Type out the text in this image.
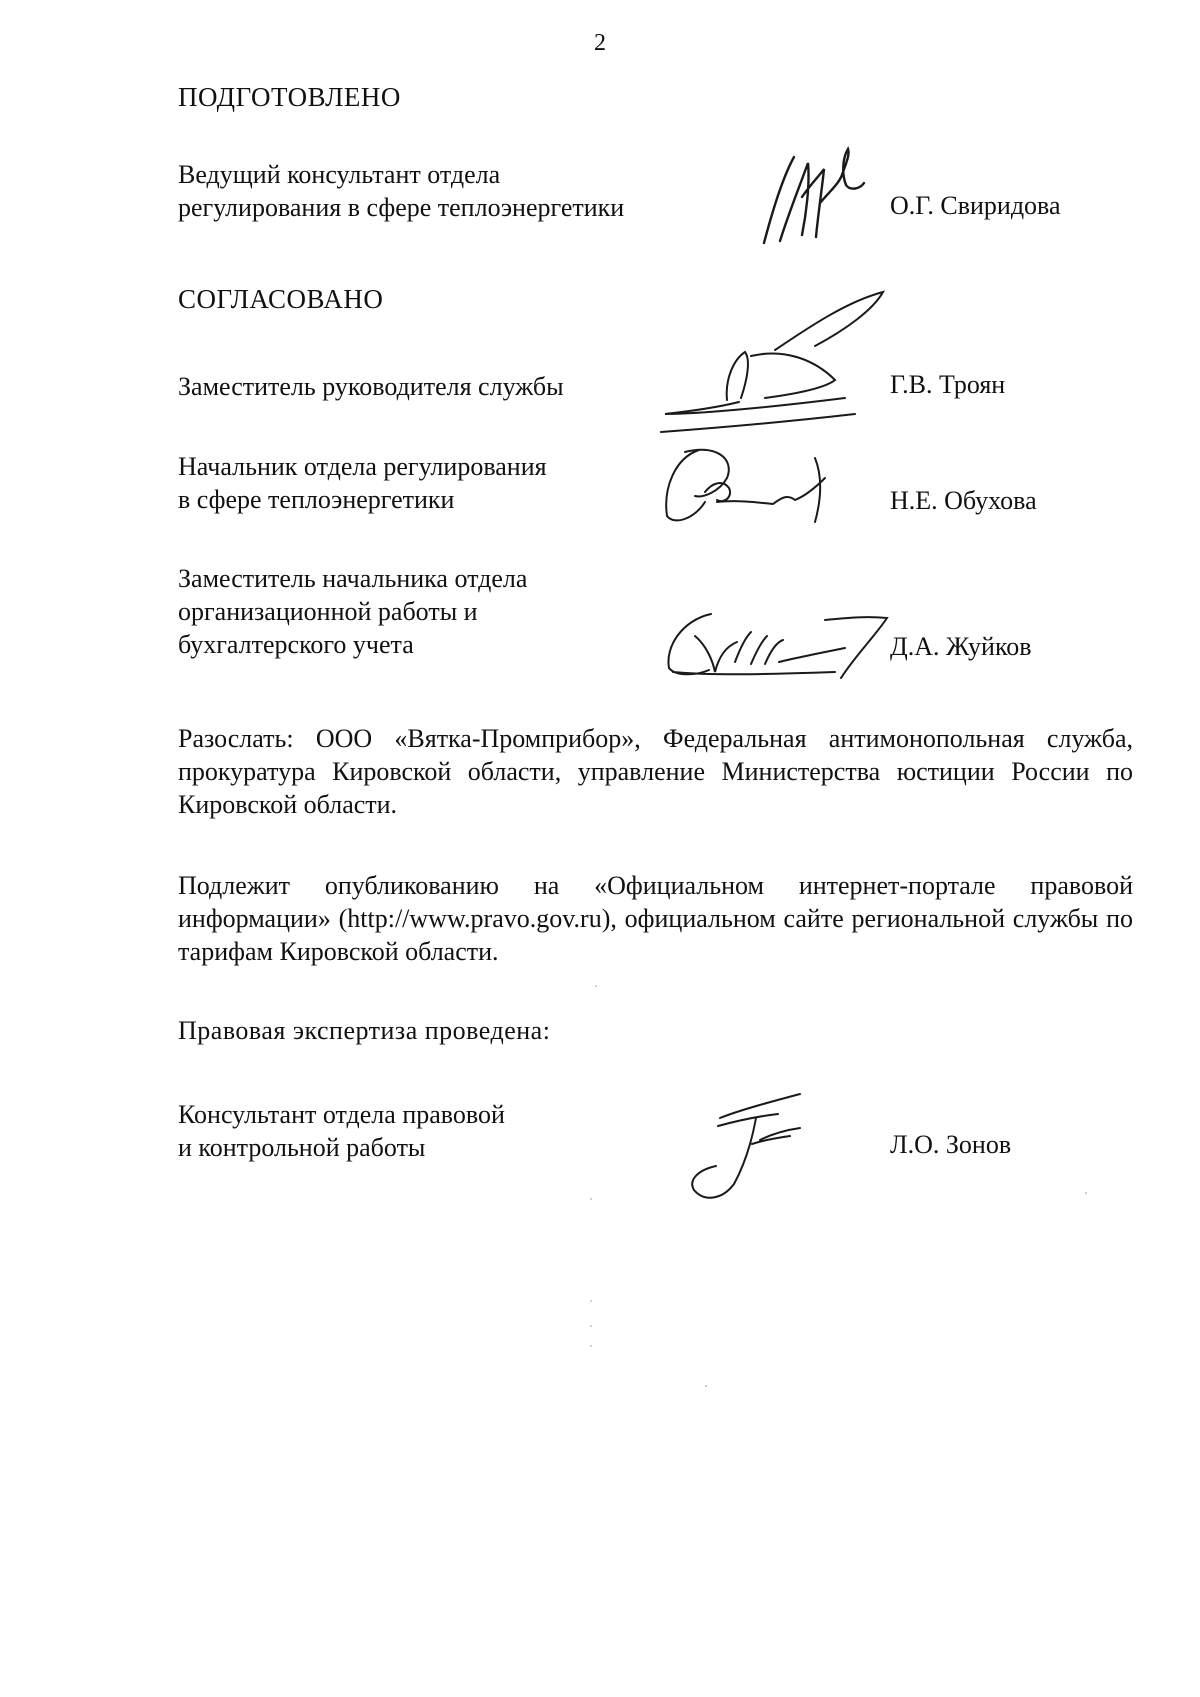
2
ПОДГОТОВЛЕНО
Ведущий консультант отдела
регулирования в сфере теплоэнергетики	О.Г. Свиридова
СОГЛАСОВАНО
Заместитель руководителя службы	Г.В. Троян
Начальник отдела регулирования
в сфере теплоэнергетики	Н.Е. Обухова
Заместитель начальника отдела
организационной работы и
бухгалтерского учета	Д.А. Жуйков
Разослать: ООО «Вятка-Промприбор», Федеральная антимонопольная служба, прокуратура Кировской области, управление Министерства юстиции России по Кировской области.
Подлежит опубликованию на «Официальном интернет-портале правовой информации» (http://www.pravo.gov.ru), официальном сайте региональной службы по тарифам Кировской области.
Правовая экспертиза проведена:
Консультант отдела правовой
и контрольной работы	Л.О. Зонов
